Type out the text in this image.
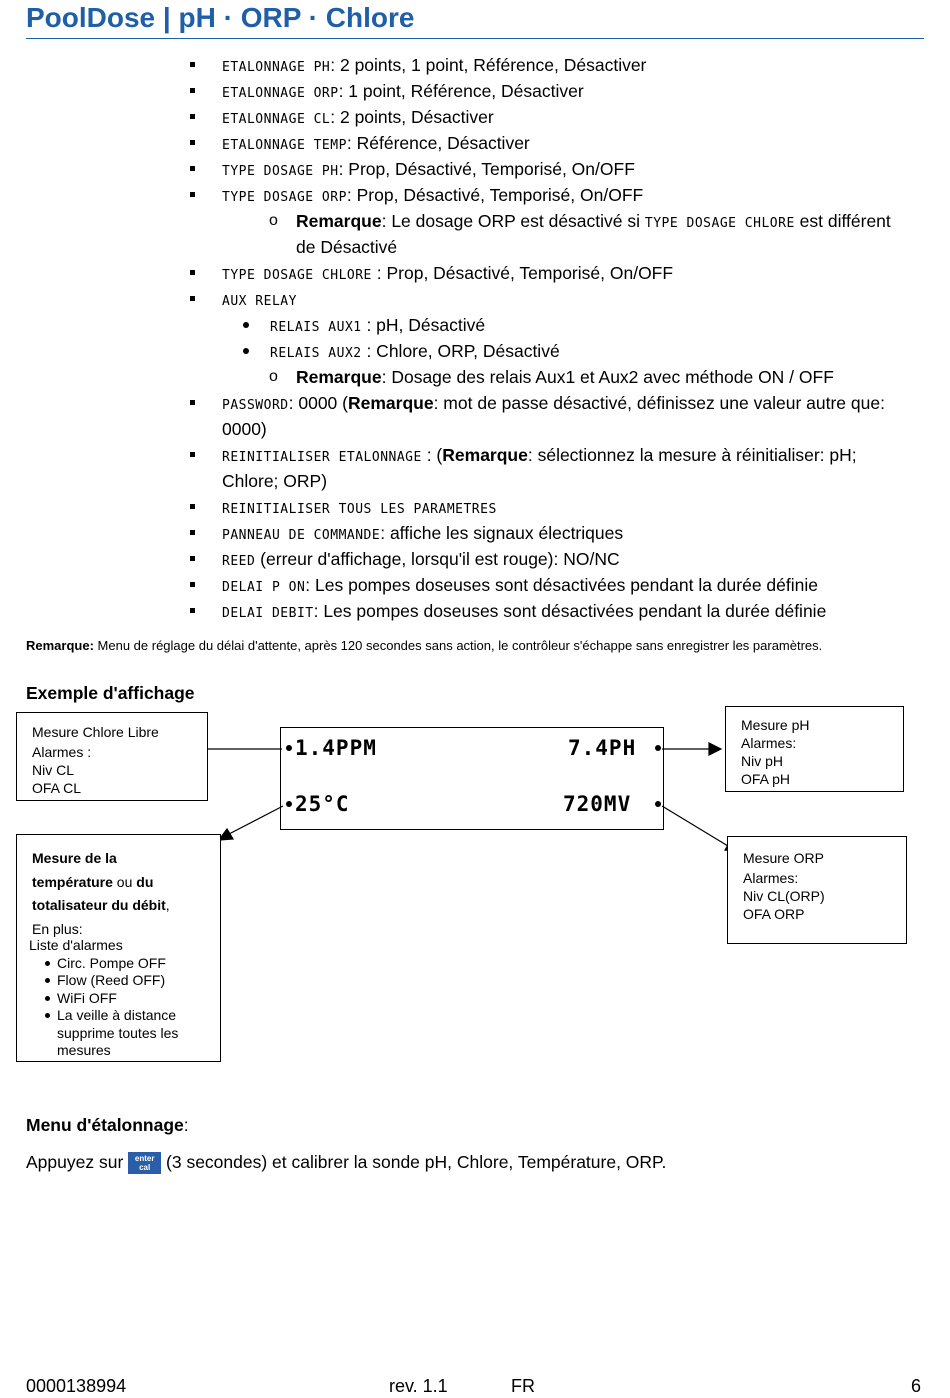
PoolDose | pH · ORP · Chlore
ETALONNAGE PH: 2 points, 1 point, Référence, Désactiver
ETALONNAGE ORP: 1 point, Référence, Désactiver
ETALONNAGE CL: 2 points, Désactiver
ETALONNAGE TEMP: Référence, Désactiver
TYPE DOSAGE PH: Prop, Désactivé, Temporisé, On/OFF
TYPE DOSAGE ORP: Prop, Désactivé, Temporisé, On/OFF
o Remarque: Le dosage ORP est désactivé si TYPE DOSAGE CHLORE est différent
de Désactivé
TYPE DOSAGE CHLORE : Prop, Désactivé, Temporisé, On/OFF
AUX RELAY
RELAIS AUX1 : pH, Désactivé
RELAIS AUX2 : Chlore, ORP, Désactivé
o Remarque: Dosage des relais Aux1 et Aux2 avec méthode ON / OFF
PASSWORD: 0000 (Remarque: mot de passe désactivé, définissez une valeur autre que:
0000)
REINITIALISER ETALONNAGE : (Remarque: sélectionnez la mesure à réinitialiser: pH;
Chlore; ORP)
REINITIALISER TOUS LES PARAMETRES
PANNEAU DE COMMANDE: affiche les signaux électriques
REED (erreur d'affichage, lorsqu'il est rouge): NO/NC
DELAI P ON: Les pompes doseuses sont désactivées pendant la durée définie
DELAI DEBIT: Les pompes doseuses sont désactivées pendant la durée définie
Remarque: Menu de réglage du délai d'attente, après 120 secondes sans action, le contrôleur s'échappe sans enregistrer les paramètres.
Exemple d'affichage
Mesure Chlore Libre
Alarmes :
Niv CL
OFA CL
1.4PPM	7.4PH
25°C	720MV
Mesure pH
Alarmes:
Niv pH
OFA pH
Mesure de la
température ou du
totalisateur du débit,
En plus:
Liste d'alarmes
Circ. Pompe OFF
Flow (Reed OFF)
WiFi OFF
La veille à distance
supprime toutes les
mesures
Mesure ORP
Alarmes:
Niv CL(ORP)
OFA ORP
Menu d'étalonnage:
Appuyez sur enter
cal (3 secondes) et calibrer la sonde pH, Chlore, Température, ORP.
0000138994	rev. 1.1	FR	6
